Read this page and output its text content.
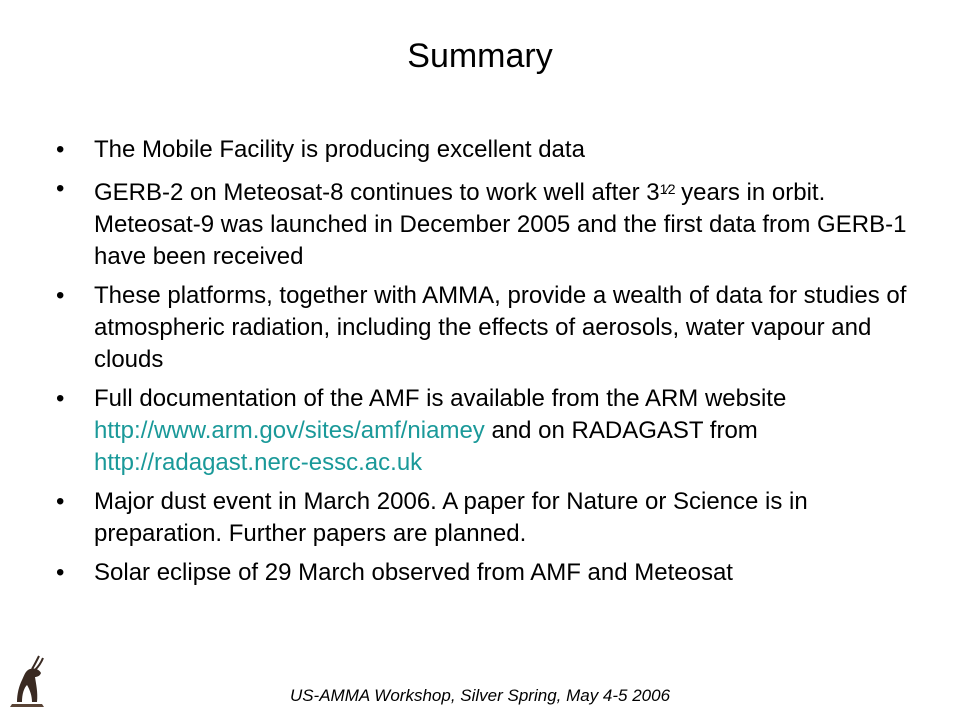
Summary
•	The Mobile Facility is producing excellent data
•	GERB-2 on Meteosat-8 continues to work well after $3^{1⁄2}$ years in orbit. Meteosat-9 was launched in December 2005 and the first data from GERB-1 have been received
•	These platforms, together with AMMA, provide a wealth of data for studies of atmospheric radiation, including the effects of aerosols, water vapour and clouds
•	Full documentation of the AMF is available from the ARM website http://www.arm.gov/sites/amf/niamey and on RADAGAST from http://radagast.nerc-essc.ac.uk
•	Major dust event in March 2006. A paper for Nature or Science is in preparation. Further papers are planned.
•	Solar eclipse of 29 March observed from AMF and Meteosat
US-AMMA Workshop, Silver Spring, May 4-5 2006
